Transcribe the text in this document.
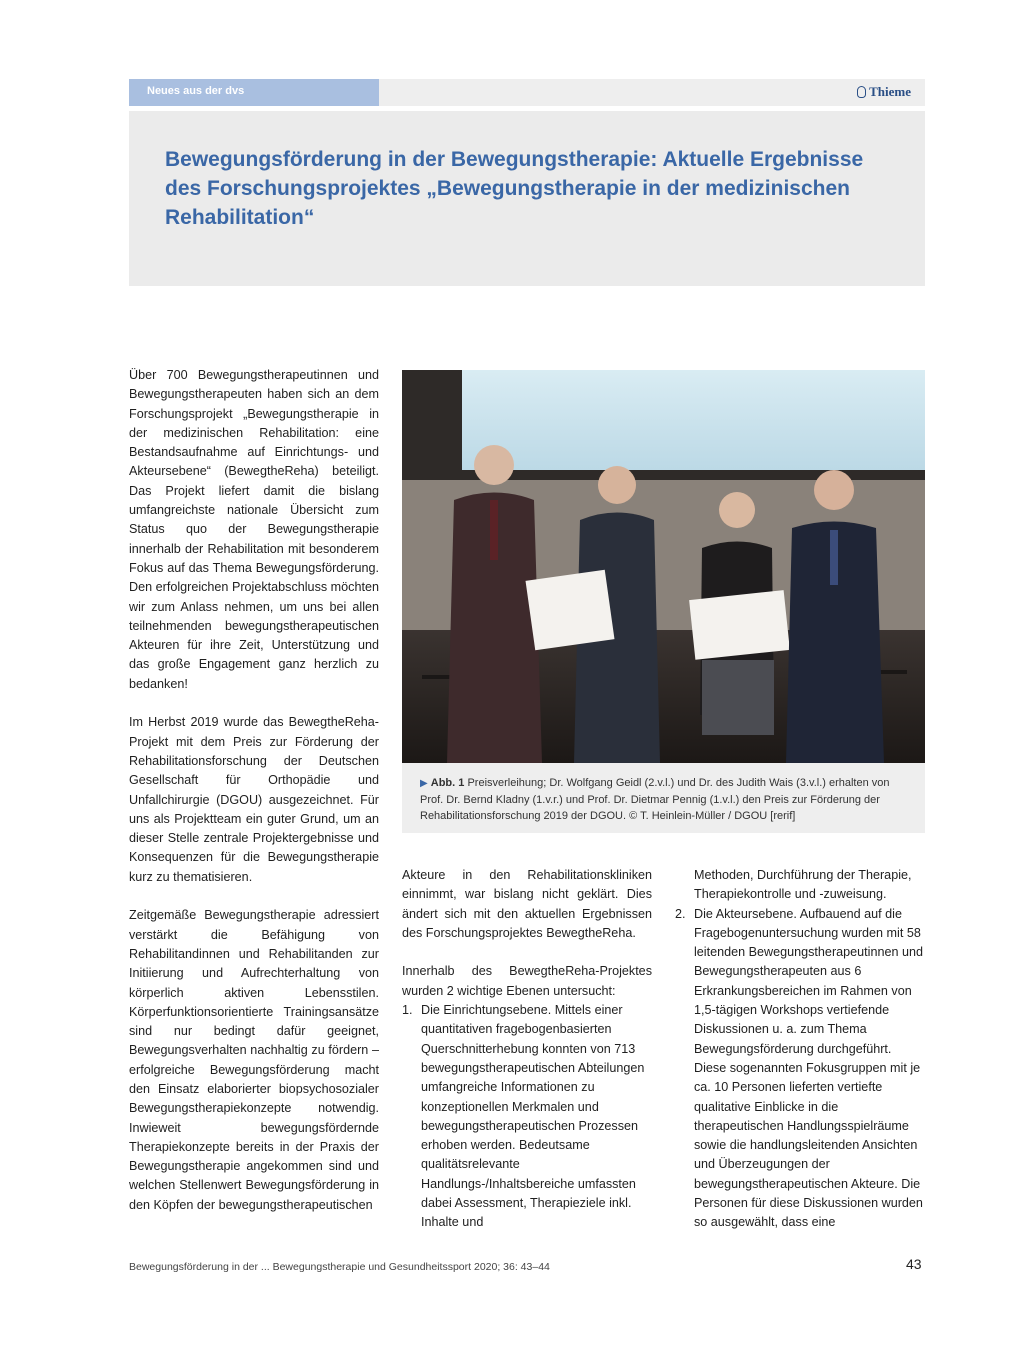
Neues aus der dvs	Thieme
Bewegungsförderung in der Bewegungstherapie: Aktuelle Ergebnisse des Forschungsprojektes „Bewegungstherapie in der medizinischen Rehabilitation“

Über 700 Bewegungstherapeutinnen und Bewegungstherapeuten haben sich an dem Forschungsprojekt „Bewegungstherapie in der medizinischen Rehabilitation: eine Bestandsaufnahme auf Einrichtungs- und Akteursebene“ (BewegtheReha) beteiligt. Das Projekt liefert damit die bislang umfangreichste nationale Übersicht zum Status quo der Bewegungstherapie innerhalb der Rehabilitation mit besonderem Fokus auf das Thema Bewegungsförderung. Den erfolgreichen Projektabschluss möchten wir zum Anlass nehmen, um uns bei allen teilnehmenden bewegungstherapeutischen Akteuren für ihre Zeit, Unterstützung und das große Engagement ganz herzlich zu bedanken!

Im Herbst 2019 wurde das BewegtheReha-Projekt mit dem Preis zur Förderung der Rehabilitationsforschung der Deutschen Gesellschaft für Orthopädie und Unfallchirurgie (DGOU) ausgezeichnet. Für uns als Projektteam ein guter Grund, um an dieser Stelle zentrale Projektergebnisse und Konsequenzen für die Bewegungstherapie kurz zu thematisieren.

Zeitgemäße Bewegungstherapie adressiert verstärkt die Befähigung von Rehabilitandinnen und Rehabilitanden zur Initiierung und Aufrechterhaltung von körperlich aktiven Lebensstilen. Körperfunktionsorientierte Trainingsansätze sind nur bedingt dafür geeignet, Bewegungsverhalten nachhaltig zu fördern – erfolgreiche Bewegungsförderung macht den Einsatz elaborierter biopsychosozialer Bewegungstherapiekonzepte notwendig. Inwieweit bewegungsfördernde Therapiekonzepte bereits in der Praxis der Bewegungstherapie angekommen sind und welchen Stellenwert Bewegungsförderung in den Köpfen der bewegungstherapeutischen

▶ Abb. 1 Preisverleihung; Dr. Wolfgang Geidl (2.v.l.) und Dr. des Judith Wais (3.v.l.) erhalten von Prof. Dr. Bernd Kladny (1.v.r.) und Prof. Dr. Dietmar Pennig (1.v.l.) den Preis zur Förderung der Rehabilitationsforschung 2019 der DGOU. © T. Heinlein-Müller / DGOU [rerif]

Akteure in den Rehabilitationskliniken einnimmt, war bislang nicht geklärt. Dies ändert sich mit den aktuellen Ergebnissen des Forschungsprojektes BewegtheReha.

Innerhalb des BewegtheReha-Projektes wurden 2 wichtige Ebenen untersucht:

1. Die Einrichtungsebene. Mittels einer quantitativen fragebogenbasierten Querschnitterhebung konnten von 713 bewegungstherapeutischen Abteilungen umfangreiche Informationen zu konzeptionellen Merkmalen und bewegungstherapeutischen Prozessen erhoben werden. Bedeutsame qualitätsrelevante Handlungs-/Inhaltsbereiche umfassten dabei Assessment, Therapieziele inkl. Inhalte und
Methoden, Durchführung der Therapie, Therapiekontrolle und -zuweisung.
2. Die Akteursebene. Aufbauend auf die Fragebogenuntersuchung wurden mit 58 leitenden Bewegungstherapeutinnen und Bewegungstherapeuten aus 6 Erkrankungsbereichen im Rahmen von 1,5-tägigen Workshops vertiefende Diskussionen u. a. zum Thema Bewegungsförderung durchgeführt. Diese sogenannten Fokusgruppen mit je ca. 10 Personen lieferten vertiefte qualitative Einblicke in die therapeutischen Handlungsspielräume sowie die handlungsleitenden Ansichten und Überzeugungen der bewegungstherapeutischen Akteure. Die Personen für diese Diskussionen wurden so ausgewählt, dass eine
Bewegungsförderung in der ... Bewegungstherapie und Gesundheitssport 2020; 36: 43–44	43
